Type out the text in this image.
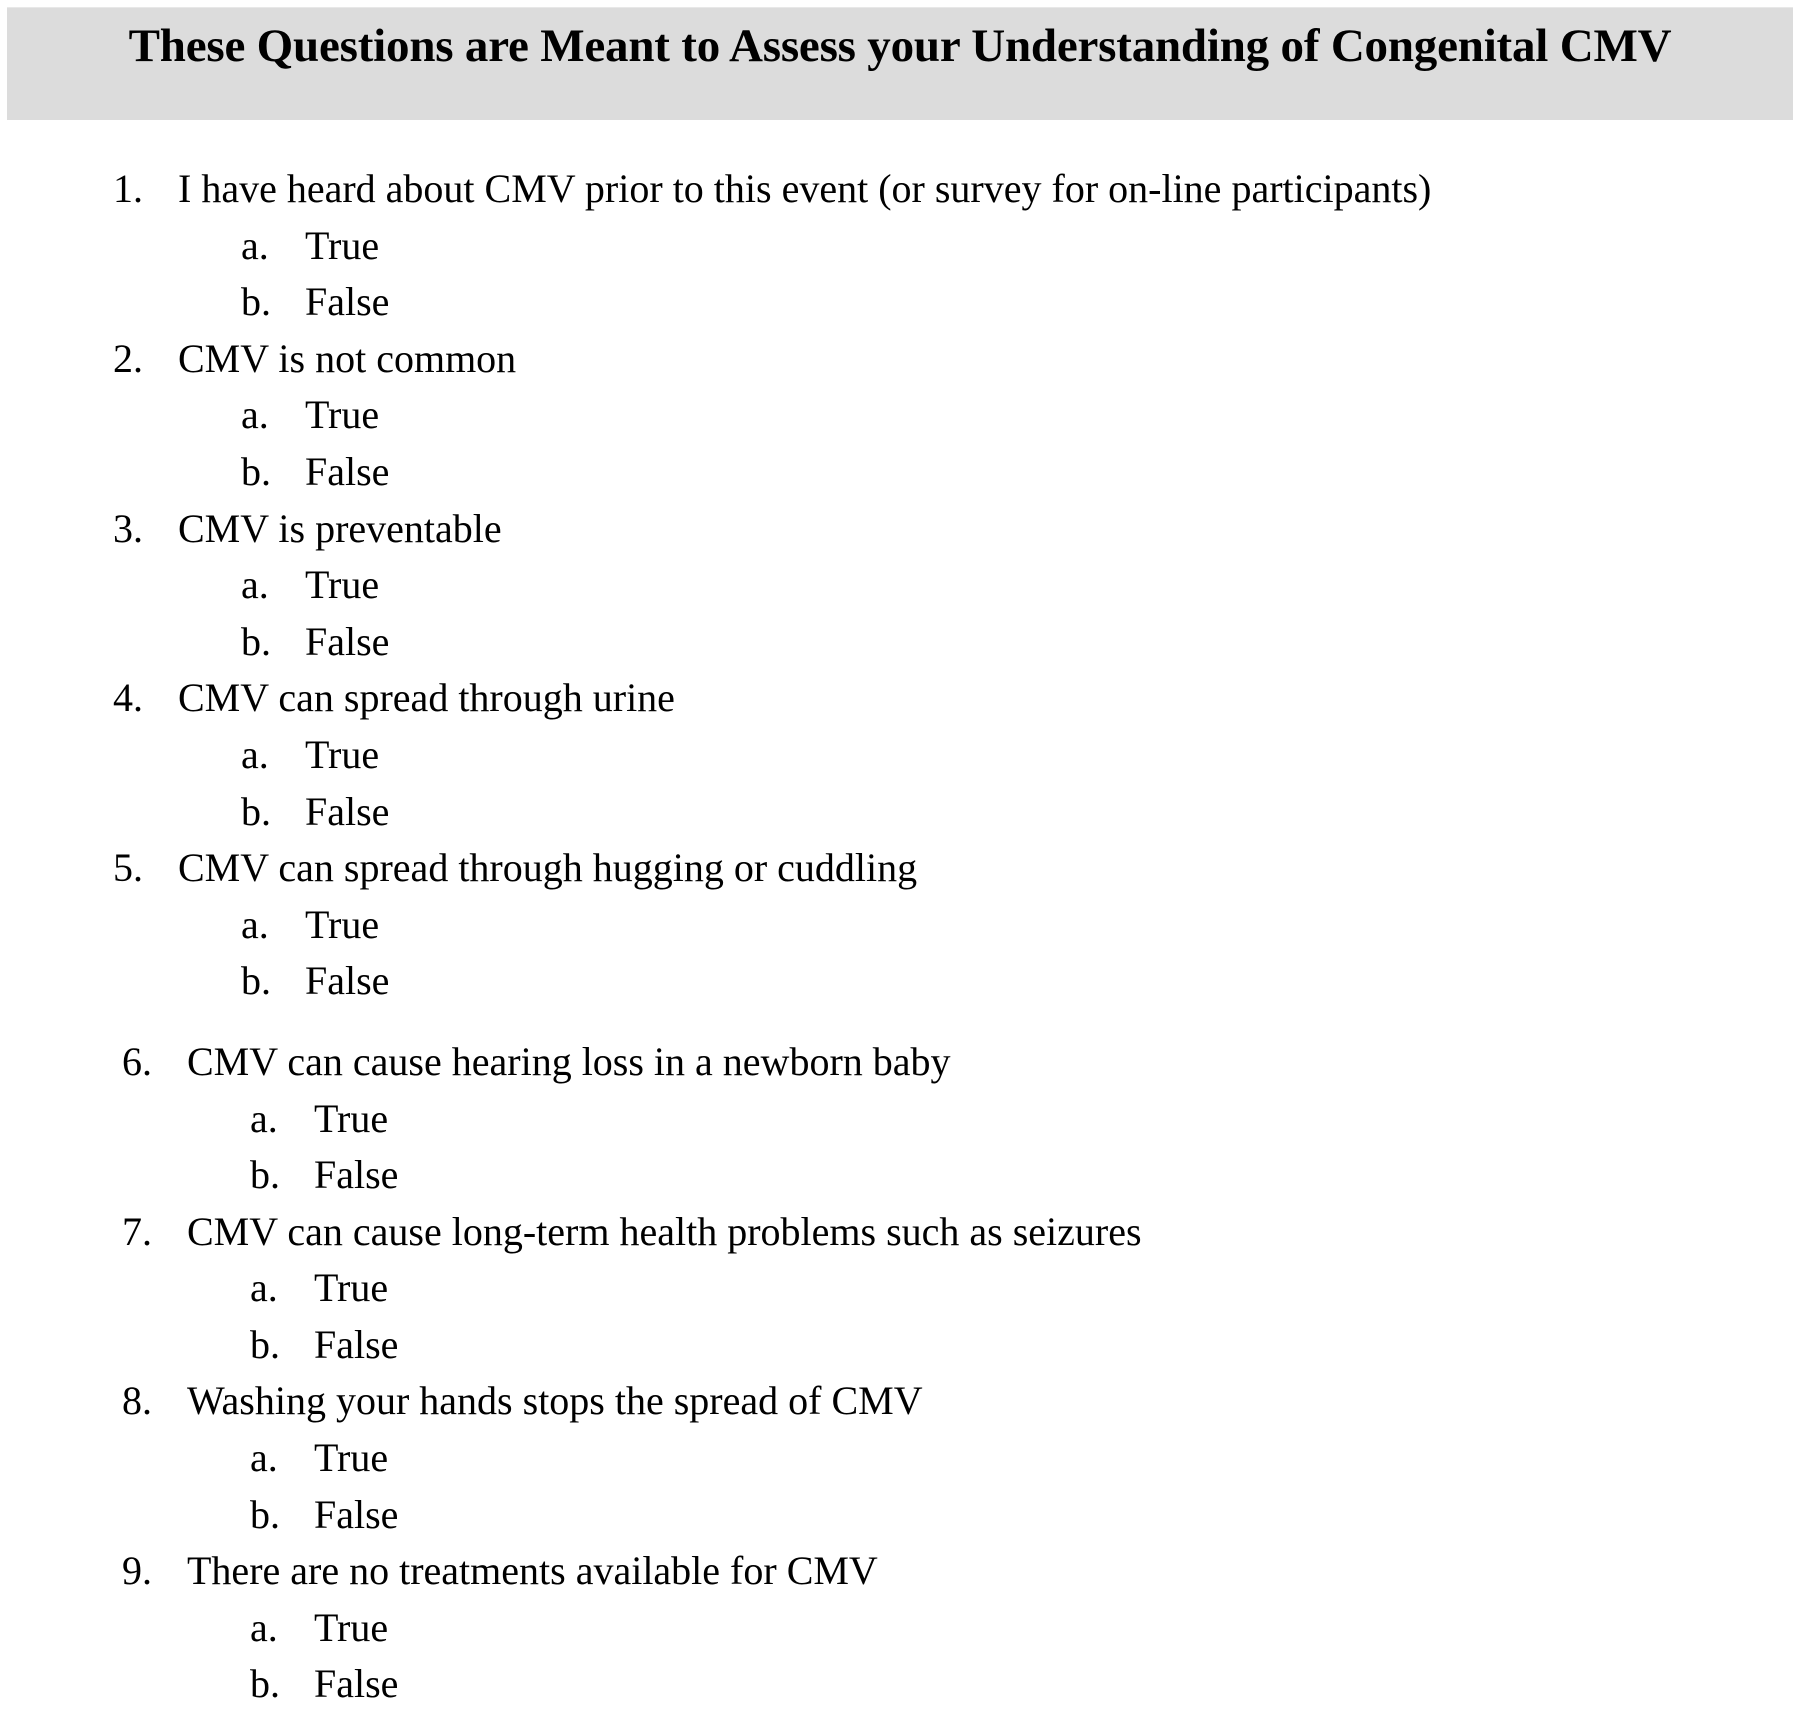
These Questions are Meant to Assess your Understanding of Congenital CMV
1. I have heard about CMV prior to this event (or survey for on-line participants)
a. True
b. False
2. CMV is not common
a. True
b. False
3. CMV is preventable
a. True
b. False
4. CMV can spread through urine
a. True
b. False
5. CMV can spread through hugging or cuddling
a. True
b. False
6. CMV can cause hearing loss in a newborn baby
a. True
b. False
7. CMV can cause long-term health problems such as seizures
a. True
b. False
8. Washing your hands stops the spread of CMV
a. True
b. False
9. There are no treatments available for CMV
a. True
b. False
